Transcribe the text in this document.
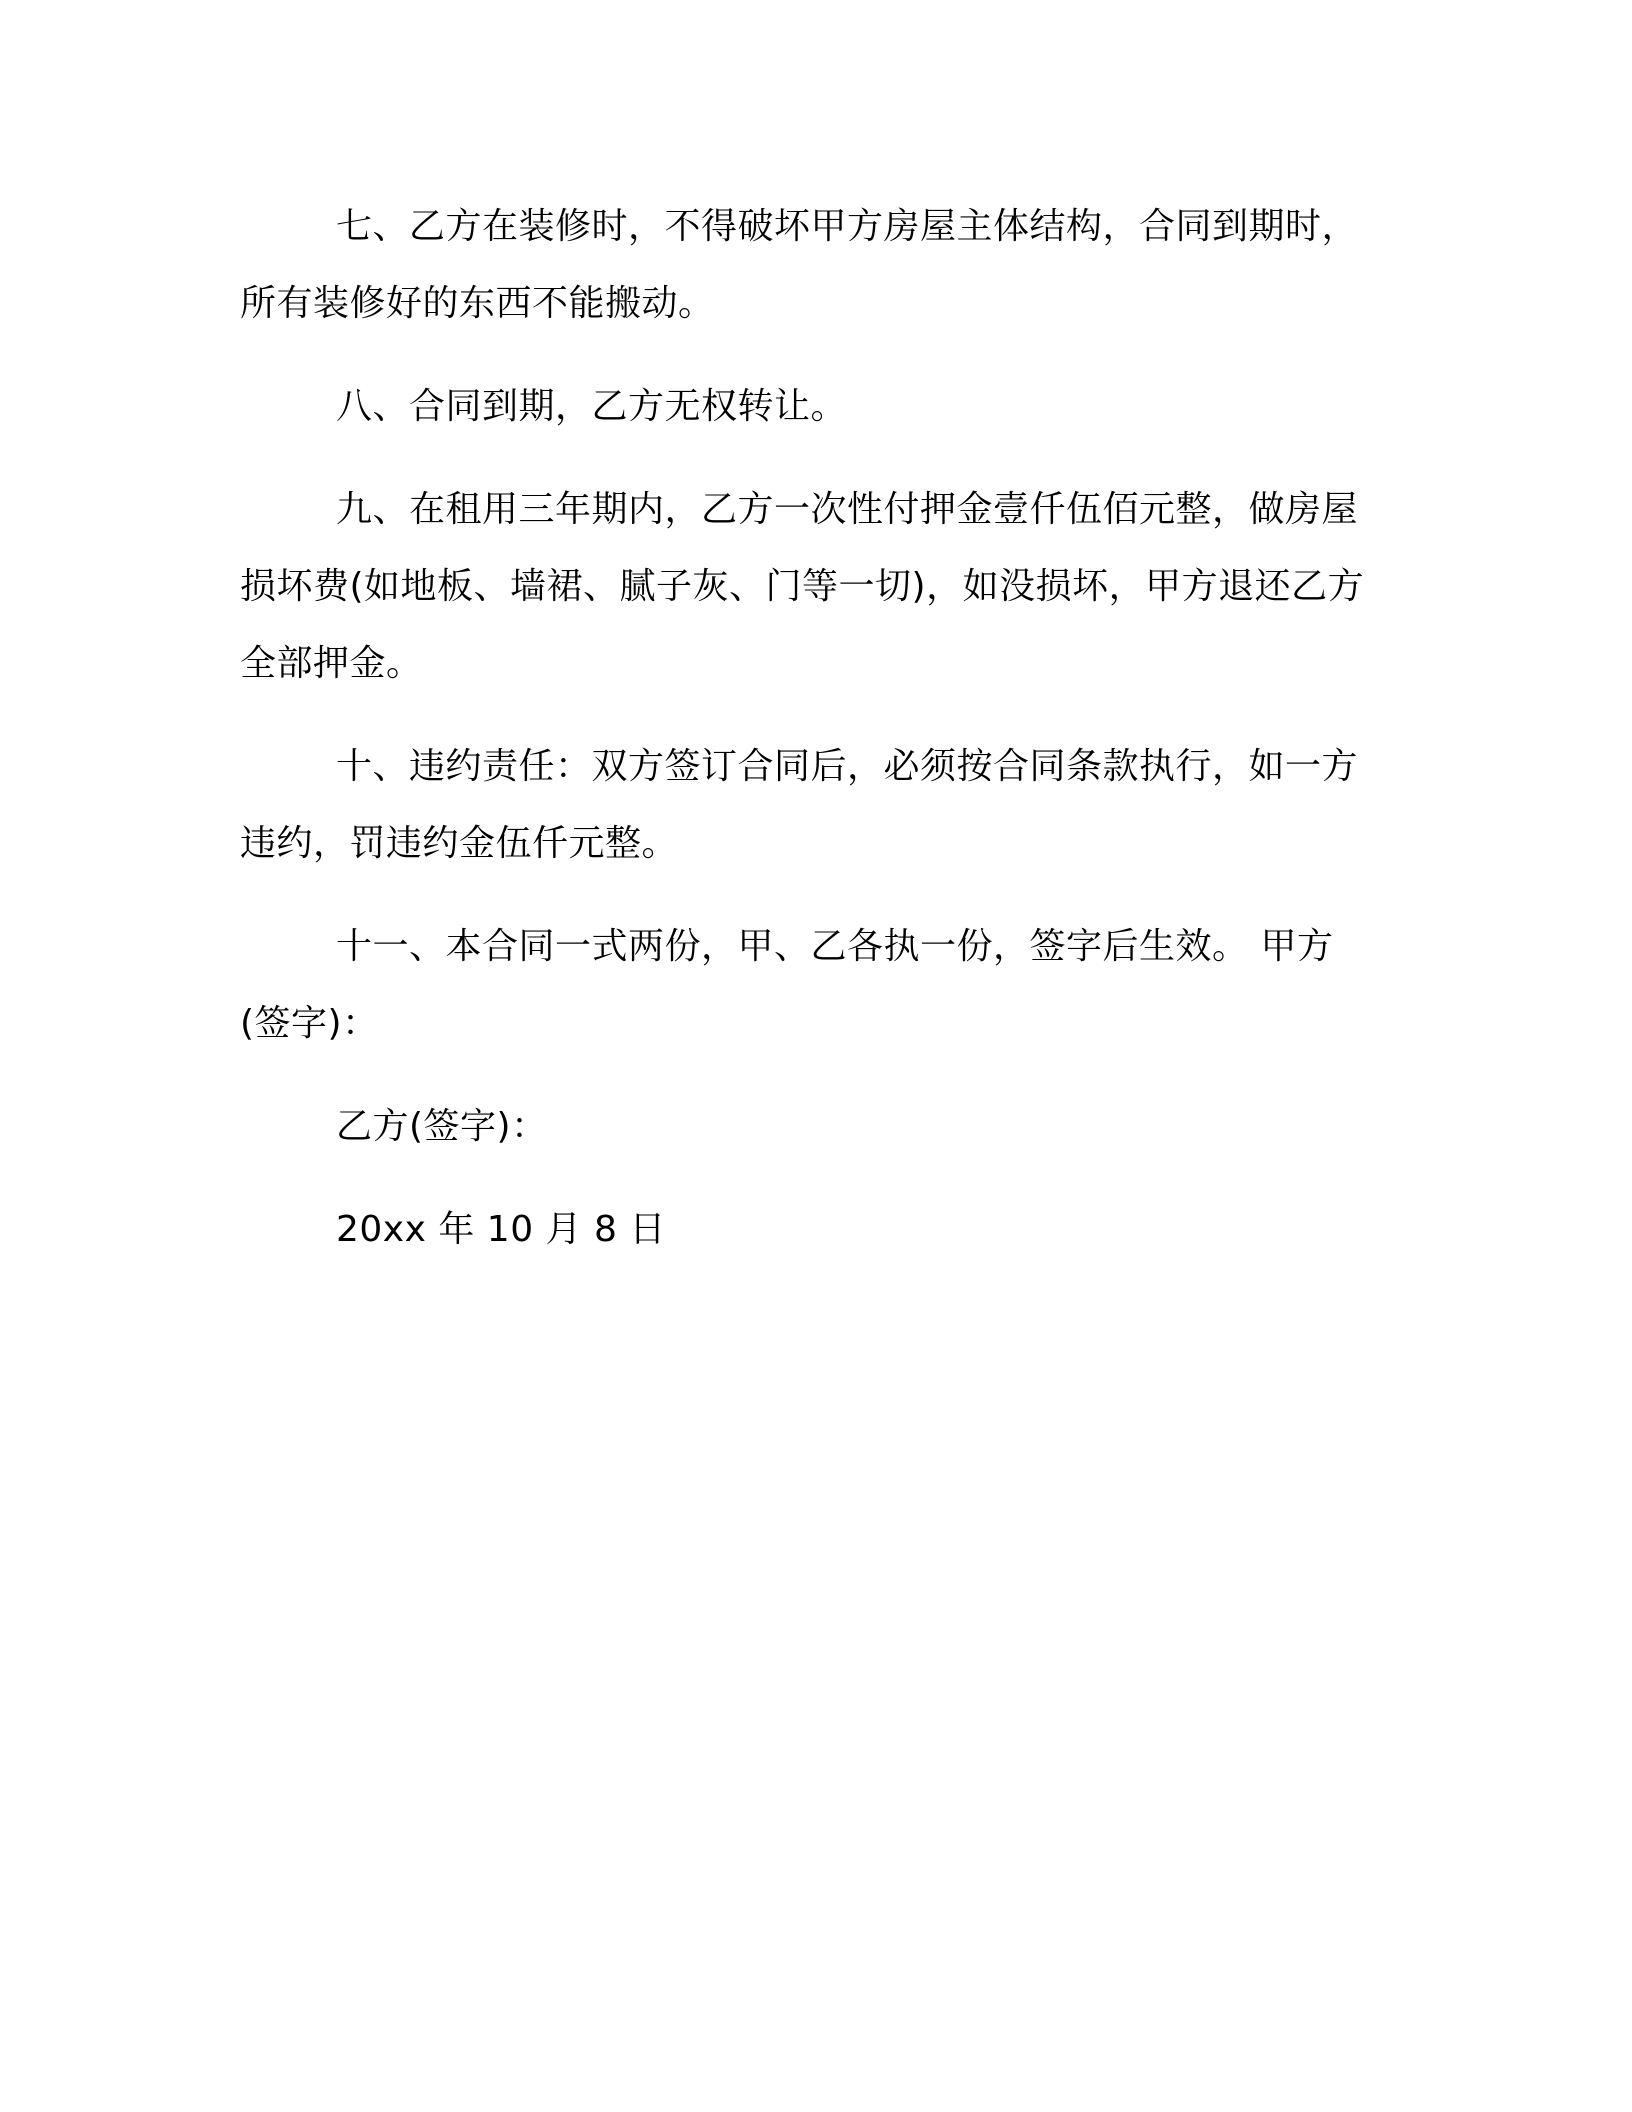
七、乙方在装修时，不得破坏甲方房屋主体结构，合同到期时，所有装修好的东西不能搬动。

八、合同到期，乙方无权转让。

九、在租用三年期内，乙方一次性付押金壹仟伍佰元整，做房屋损坏费(如地板、墙裙、腻子灰、门等一切)，如没损坏，甲方退还乙方全部押金。

十、违约责任：双方签订合同后，必须按合同条款执行，如一方违约，罚违约金伍仟元整。

十一、本合同一式两份，甲、乙各执一份，签字后生效。 甲方(签字)：

乙方(签字)：

20xx 年 10 月 8 日
